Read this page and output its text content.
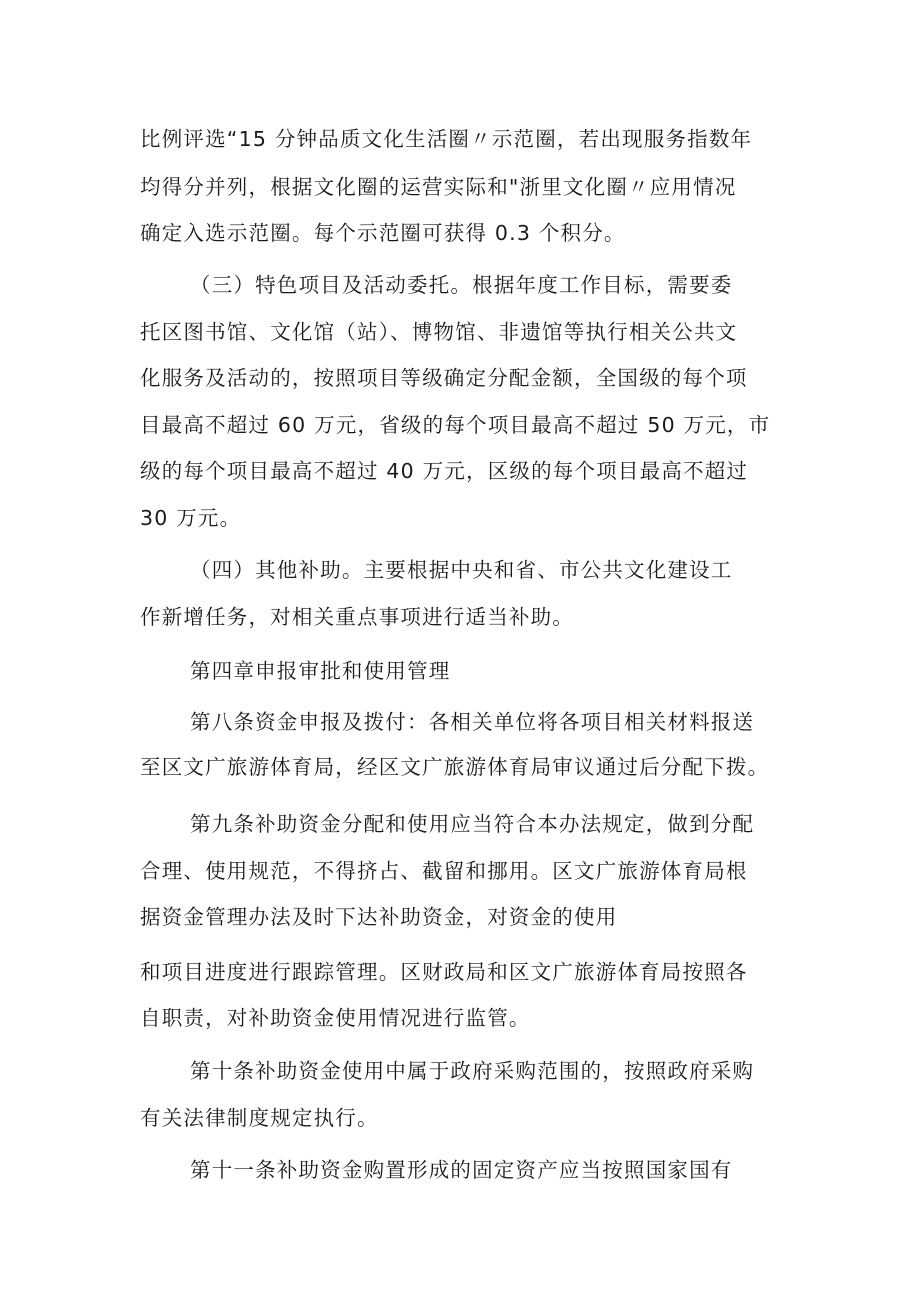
比例评选“15 分钟品质文化生活圈〃示范圈，若出现服务指数年
均得分并列，根据文化圈的运营实际和"浙里文化圈〃应用情况
确定入选示范圈。每个示范圈可获得 0.3 个积分。
（三）特色项目及活动委托。根据年度工作目标，需要委
托区图书馆、文化馆（站）、博物馆、非遗馆等执行相关公共文
化服务及活动的，按照项目等级确定分配金额，全国级的每个项
目最高不超过 60 万元，省级的每个项目最高不超过 50 万元，市
级的每个项目最高不超过 40 万元，区级的每个项目最高不超过
30 万元。
（四）其他补助。主要根据中央和省、市公共文化建设工
作新增任务，对相关重点事项进行适当补助。
第四章申报审批和使用管理
第八条资金申报及拨付：各相关单位将各项目相关材料报送
至区文广旅游体育局，经区文广旅游体育局审议通过后分配下拨。
第九条补助资金分配和使用应当符合本办法规定，做到分配
合理、使用规范，不得挤占、截留和挪用。区文广旅游体育局根
据资金管理办法及时下达补助资金，对资金的使用
和项目进度进行跟踪管理。区财政局和区文广旅游体育局按照各
自职责，对补助资金使用情况进行监管。
第十条补助资金使用中属于政府采购范围的，按照政府采购
有关法律制度规定执行。
第十一条补助资金购置形成的固定资产应当按照国家国有
